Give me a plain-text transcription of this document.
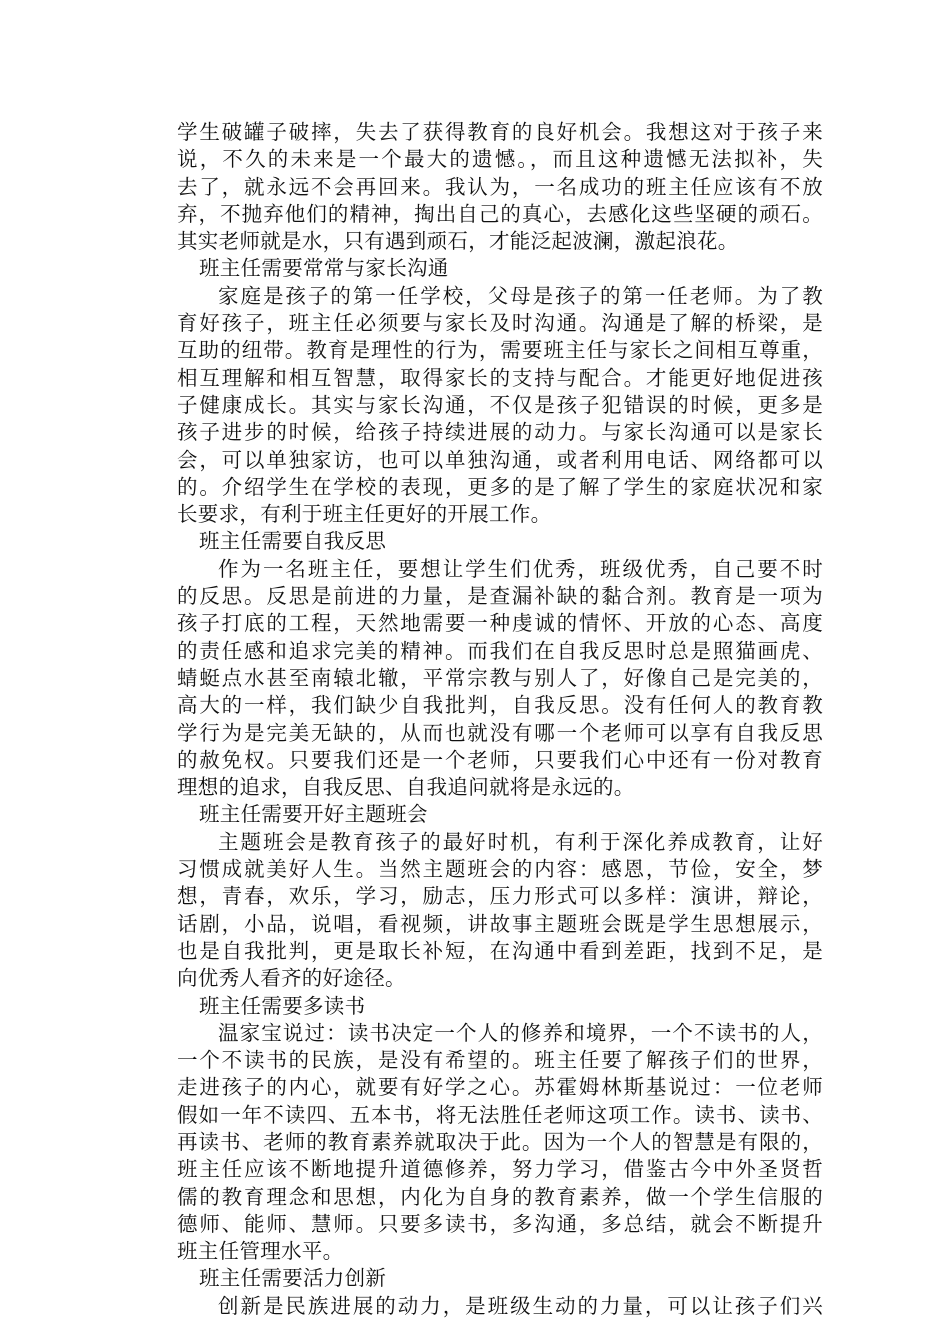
学生破罐子破摔，失去了获得教育的良好机会。我想这对于孩子来
说，不久的未来是一个最大的遗憾。，而且这种遗憾无法拟补，失
去了，就永远不会再回来。我认为，一名成功的班主任应该有不放
弃，不抛弃他们的精神，掏出自己的真心，去感化这些坚硬的顽石。
其实老师就是水，只有遇到顽石，才能泛起波澜，激起浪花。
班主任需要常常与家长沟通
家庭是孩子的第一任学校，父母是孩子的第一任老师。为了教
育好孩子，班主任必须要与家长及时沟通。沟通是了解的桥梁，是
互助的纽带。教育是理性的行为，需要班主任与家长之间相互尊重，
相互理解和相互智慧，取得家长的支持与配合。才能更好地促进孩
子健康成长。其实与家长沟通，不仅是孩子犯错误的时候，更多是
孩子进步的时候，给孩子持续进展的动力。与家长沟通可以是家长
会，可以单独家访，也可以单独沟通，或者利用电话、网络都可以
的。介绍学生在学校的表现，更多的是了解了学生的家庭状况和家
长要求，有利于班主任更好的开展工作。
班主任需要自我反思
作为一名班主任，要想让学生们优秀，班级优秀，自己要不时
的反思。反思是前进的力量，是查漏补缺的黏合剂。教育是一项为
孩子打底的工程，天然地需要一种虔诚的情怀、开放的心态、高度
的责任感和追求完美的精神。而我们在自我反思时总是照猫画虎、
蜻蜓点水甚至南辕北辙，平常宗教与别人了，好像自己是完美的，
高大的一样，我们缺少自我批判，自我反思。没有任何人的教育教
学行为是完美无缺的，从而也就没有哪一个老师可以享有自我反思
的赦免权。只要我们还是一个老师，只要我们心中还有一份对教育
理想的追求，自我反思、自我追问就将是永远的。
班主任需要开好主题班会
主题班会是教育孩子的最好时机，有利于深化养成教育，让好
习惯成就美好人生。当然主题班会的内容：感恩，节俭，安全，梦
想，青春，欢乐，学习，励志，压力形式可以多样：演讲，辩论，
话剧，小品，说唱，看视频，讲故事主题班会既是学生思想展示，
也是自我批判，更是取长补短，在沟通中看到差距，找到不足，是
向优秀人看齐的好途径。
班主任需要多读书
温家宝说过：读书决定一个人的修养和境界，一个不读书的人，
一个不读书的民族，是没有希望的。班主任要了解孩子们的世界，
走进孩子的内心，就要有好学之心。苏霍姆林斯基说过：一位老师
假如一年不读四、五本书，将无法胜任老师这项工作。读书、读书、
再读书、老师的教育素养就取决于此。因为一个人的智慧是有限的，
班主任应该不断地提升道德修养，努力学习，借鉴古今中外圣贤哲
儒的教育理念和思想，内化为自身的教育素养，做一个学生信服的
德师、能师、慧师。只要多读书，多沟通，多总结，就会不断提升
班主任管理水平。
班主任需要活力创新
创新是民族进展的动力，是班级生动的力量，可以让孩子们兴
